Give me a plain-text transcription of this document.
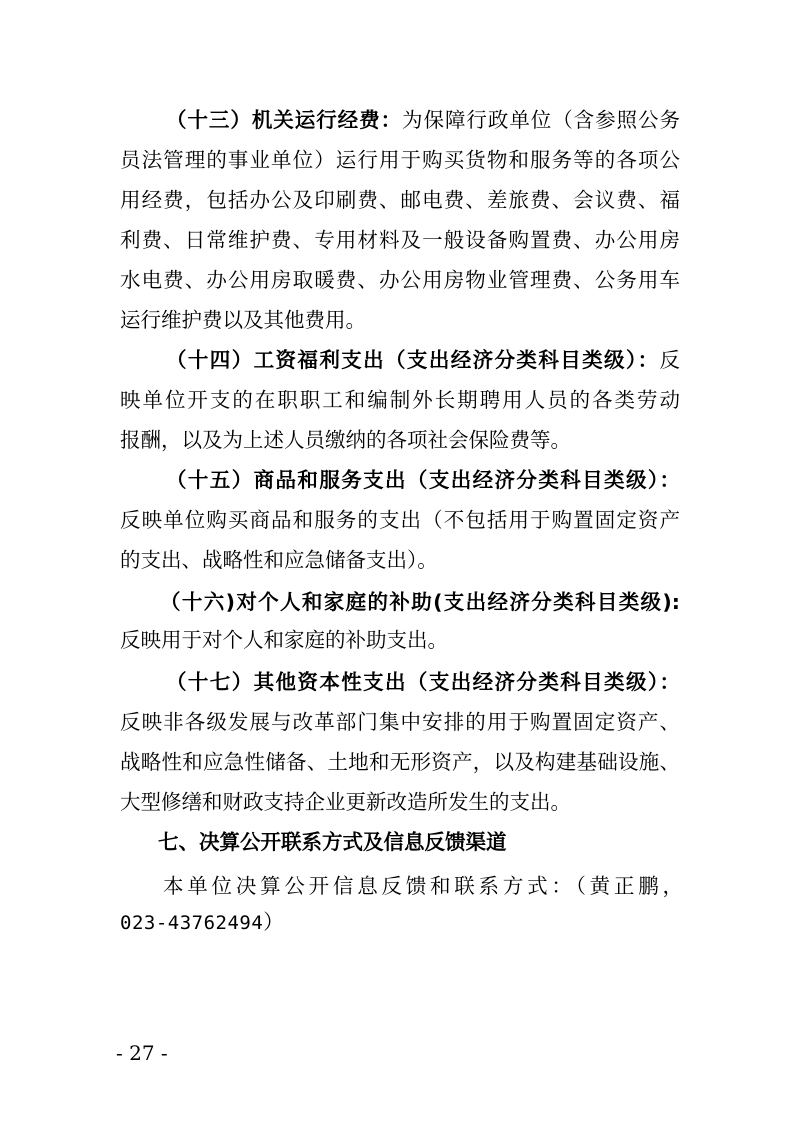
（十三）机关运行经费：为保障行政单位（含参照公务
员法管理的事业单位）运行用于购买货物和服务等的各项公
用经费，包括办公及印刷费、邮电费、差旅费、会议费、福
利费、日常维护费、专用材料及一般设备购置费、办公用房
水电费、办公用房取暖费、办公用房物业管理费、公务用车
运行维护费以及其他费用。
（十四）工资福利支出（支出经济分类科目类级）：反
映单位开支的在职职工和编制外长期聘用人员的各类劳动
报酬，以及为上述人员缴纳的各项社会保险费等。
（十五）商品和服务支出（支出经济分类科目类级）：
反映单位购买商品和服务的支出（不包括用于购置固定资产
的支出、战略性和应急储备支出）。
（十六)对个人和家庭的补助(支出经济分类科目类级):
反映用于对个人和家庭的补助支出。
（十七）其他资本性支出（支出经济分类科目类级）：
反映非各级发展与改革部门集中安排的用于购置固定资产、
战略性和应急性储备、土地和无形资产，以及构建基础设施、
大型修缮和财政支持企业更新改造所发生的支出。
七、决算公开联系方式及信息反馈渠道
本单位决算公开信息反馈和联系方式：（黄正鹏，
023-43762494）
- 27 -
